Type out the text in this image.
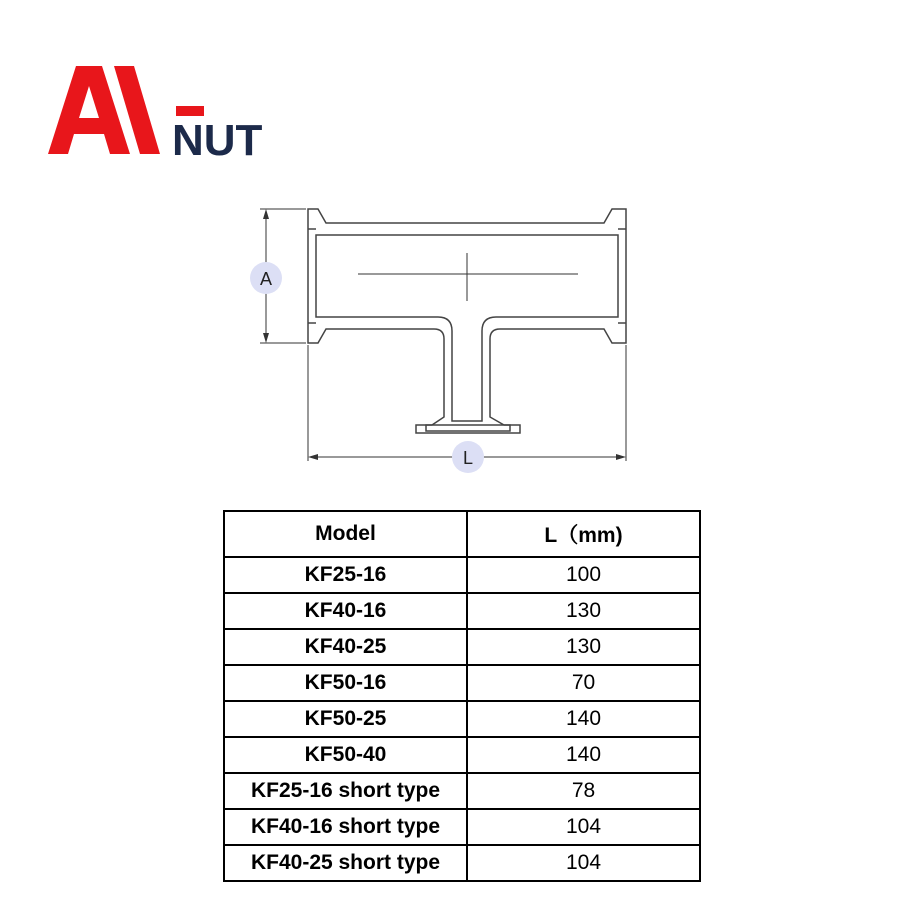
NUT
A
L
Model	L（mm)
KF25-16	100
KF40-16	130
KF40-25	130
KF50-16	70
KF50-25	140
KF50-40	140
KF25-16 short type	78
KF40-16 short type	104
KF40-25 short type	104
